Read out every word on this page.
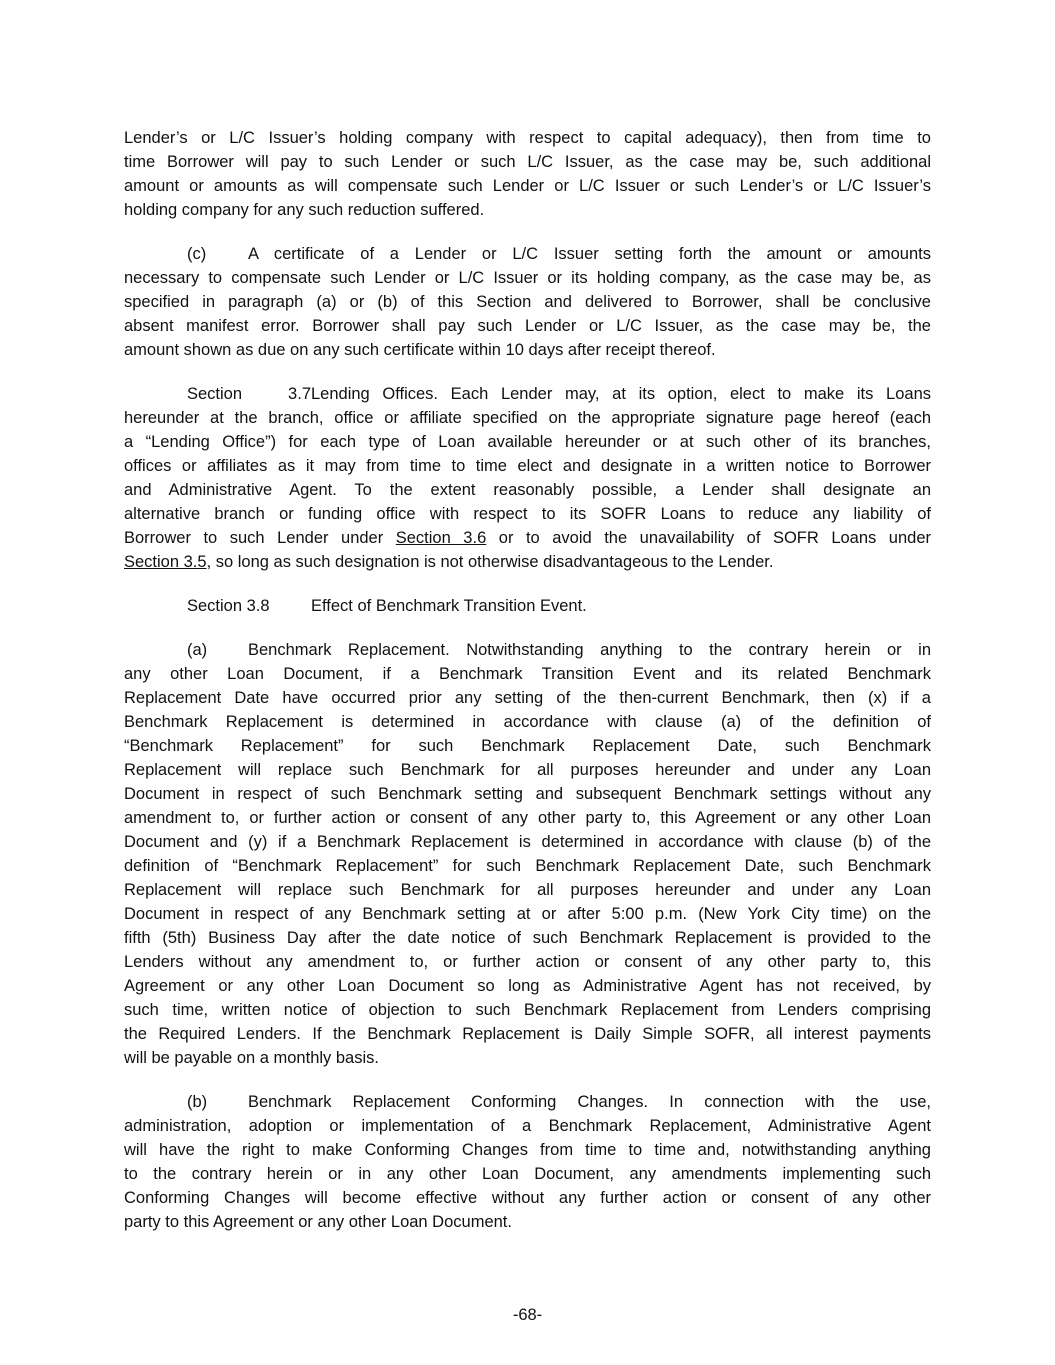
Lender’s or L/C Issuer’s holding company with respect to capital adequacy), then from time to
time Borrower will pay to such Lender or such L/C Issuer, as the case may be, such additional
amount or amounts as will compensate such Lender or L/C Issuer or such Lender’s or L/C Issuer’s
holding company for any such reduction suffered.
(c)	A certificate of a Lender or L/C Issuer setting forth the amount or amounts
necessary to compensate such Lender or L/C Issuer or its holding company, as the case may be, as
specified in paragraph (a) or (b) of this Section and delivered to Borrower, shall be conclusive
absent manifest error. Borrower shall pay such Lender or L/C Issuer, as the case may be, the
amount shown as due on any such certificate within 10 days after receipt thereof.
Section 3.7Lending Offices. Each Lender may, at its option, elect to make its Loans
hereunder at the branch, office or affiliate specified on the appropriate signature page hereof (each
a “Lending Office”) for each type of Loan available hereunder or at such other of its branches,
offices or affiliates as it may from time to time elect and designate in a written notice to Borrower
and Administrative Agent. To the extent reasonably possible, a Lender shall designate an
alternative branch or funding office with respect to its SOFR Loans to reduce any liability of
Borrower to such Lender under Section 3.6 or to avoid the unavailability of SOFR Loans under
Section 3.5, so long as such designation is not otherwise disadvantageous to the Lender.
Section 3.8	Effect of Benchmark Transition Event.
(a) Benchmark Replacement. Notwithstanding anything to the contrary herein or in
any other Loan Document, if a Benchmark Transition Event and its related Benchmark
Replacement Date have occurred prior any setting of the then-current Benchmark, then (x) if a
Benchmark Replacement is determined in accordance with clause (a) of the definition of
“Benchmark Replacement” for such Benchmark Replacement Date, such Benchmark
Replacement will replace such Benchmark for all purposes hereunder and under any Loan
Document in respect of such Benchmark setting and subsequent Benchmark settings without any
amendment to, or further action or consent of any other party to, this Agreement or any other Loan
Document and (y) if a Benchmark Replacement is determined in accordance with clause (b) of the
definition of “Benchmark Replacement” for such Benchmark Replacement Date, such Benchmark
Replacement will replace such Benchmark for all purposes hereunder and under any Loan
Document in respect of any Benchmark setting at or after 5:00 p.m. (New York City time) on the
fifth (5th) Business Day after the date notice of such Benchmark Replacement is provided to the
Lenders without any amendment to, or further action or consent of any other party to, this
Agreement or any other Loan Document so long as Administrative Agent has not received, by
such time, written notice of objection to such Benchmark Replacement from Lenders comprising
the Required Lenders. If the Benchmark Replacement is Daily Simple SOFR, all interest payments
will be payable on a monthly basis.
(b) Benchmark Replacement Conforming Changes. In connection with the use,
administration, adoption or implementation of a Benchmark Replacement, Administrative Agent
will have the right to make Conforming Changes from time to time and, notwithstanding anything
to the contrary herein or in any other Loan Document, any amendments implementing such
Conforming Changes will become effective without any further action or consent of any other
party to this Agreement or any other Loan Document.
-68-
